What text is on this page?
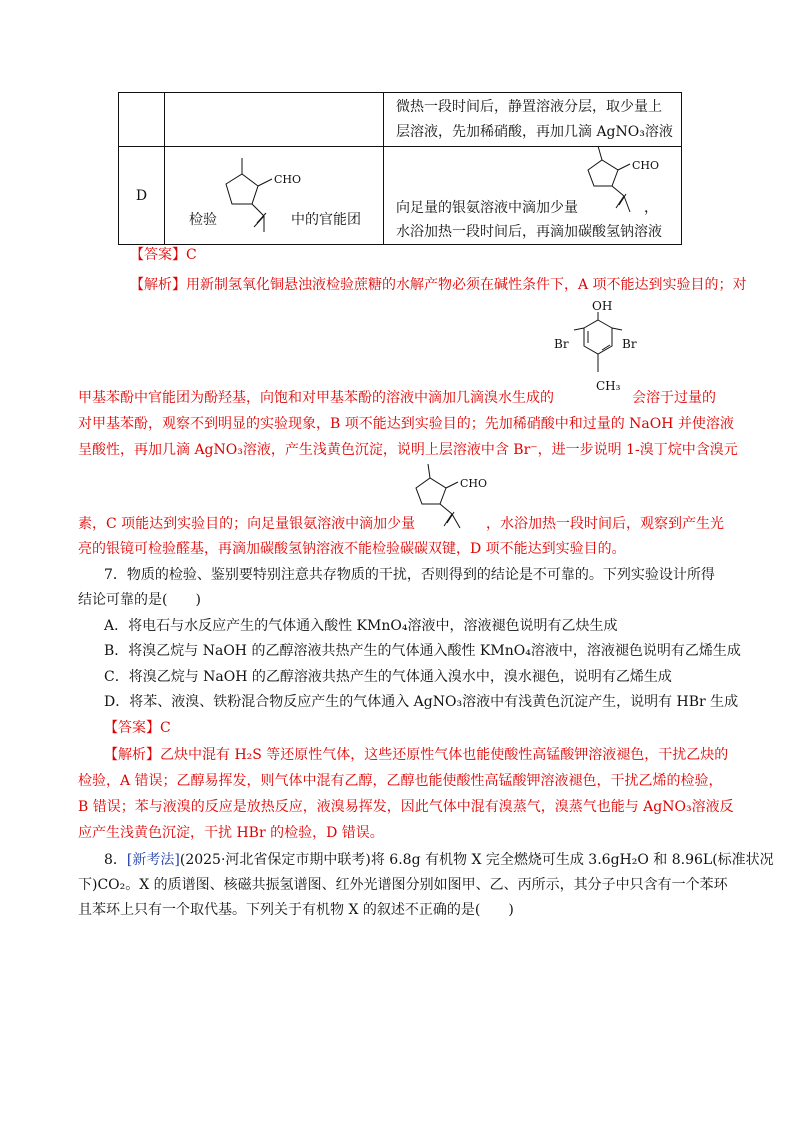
		微热一段时间后，静置溶液分层，取少量上
层溶液，先加稀硝酸，再加几滴 AgNO₃溶液

D	检验 中的官能团	向足量的银氨溶液中滴加少量 ，
水浴加热一段时间后，再滴加碳酸氢钠溶液
CHO
CHO
【答案】C
【解析】用新制氢氧化铜悬浊液检验蔗糖的水解产物必须在碱性条件下，A 项不能达到实验目的；对
OH
Br	Br
CH₃
甲基苯酚中官能团为酚羟基，向饱和对甲基苯酚的溶液中滴加几滴溴水生成的	会溶于过量的
对甲基苯酚，观察不到明显的实验现象，B 项不能达到实验目的；先加稀硝酸中和过量的 NaOH 并使溶液
呈酸性，再加几滴 AgNO₃溶液，产生浅黄色沉淀，说明上层溶液中含 Br⁻，进一步说明 1-溴丁烷中含溴元
CHO
素，C 项能达到实验目的；向足量银氨溶液中滴加少量	，水浴加热一段时间后，观察到产生光
亮的银镜可检验醛基，再滴加碳酸氢钠溶液不能检验碳碳双键，D 项不能达到实验目的。
7．物质的检验、鉴别要特别注意共存物质的干扰，否则得到的结论是不可靠的。下列实验设计所得
结论可靠的是(　　)
A．将电石与水反应产生的气体通入酸性 KMnO₄溶液中，溶液褪色说明有乙炔生成
B．将溴乙烷与 NaOH 的乙醇溶液共热产生的气体通入酸性 KMnO₄溶液中，溶液褪色说明有乙烯生成
C．将溴乙烷与 NaOH 的乙醇溶液共热产生的气体通入溴水中，溴水褪色，说明有乙烯生成
D．将苯、液溴、铁粉混合物反应产生的气体通入 AgNO₃溶液中有浅黄色沉淀产生，说明有 HBr 生成
【答案】C
【解析】乙炔中混有 H₂S 等还原性气体，这些还原性气体也能使酸性高锰酸钾溶液褪色，干扰乙炔的
检验，A 错误；乙醇易挥发，则气体中混有乙醇，乙醇也能使酸性高锰酸钾溶液褪色，干扰乙烯的检验，
B 错误；苯与液溴的反应是放热反应，液溴易挥发，因此气体中混有溴蒸气，溴蒸气也能与 AgNO₃溶液反
应产生浅黄色沉淀，干扰 HBr 的检验，D 错误。
8．[新考法](2025·河北省保定市期中联考)将 6.8g 有机物 X 完全燃烧可生成 3.6gH₂O 和 8.96L(标准状况
下)CO₂。X 的质谱图、核磁共振氢谱图、红外光谱图分别如图甲、乙、丙所示，其分子中只含有一个苯环
且苯环上只有一个取代基。下列关于有机物 X 的叙述不正确的是(　　)
